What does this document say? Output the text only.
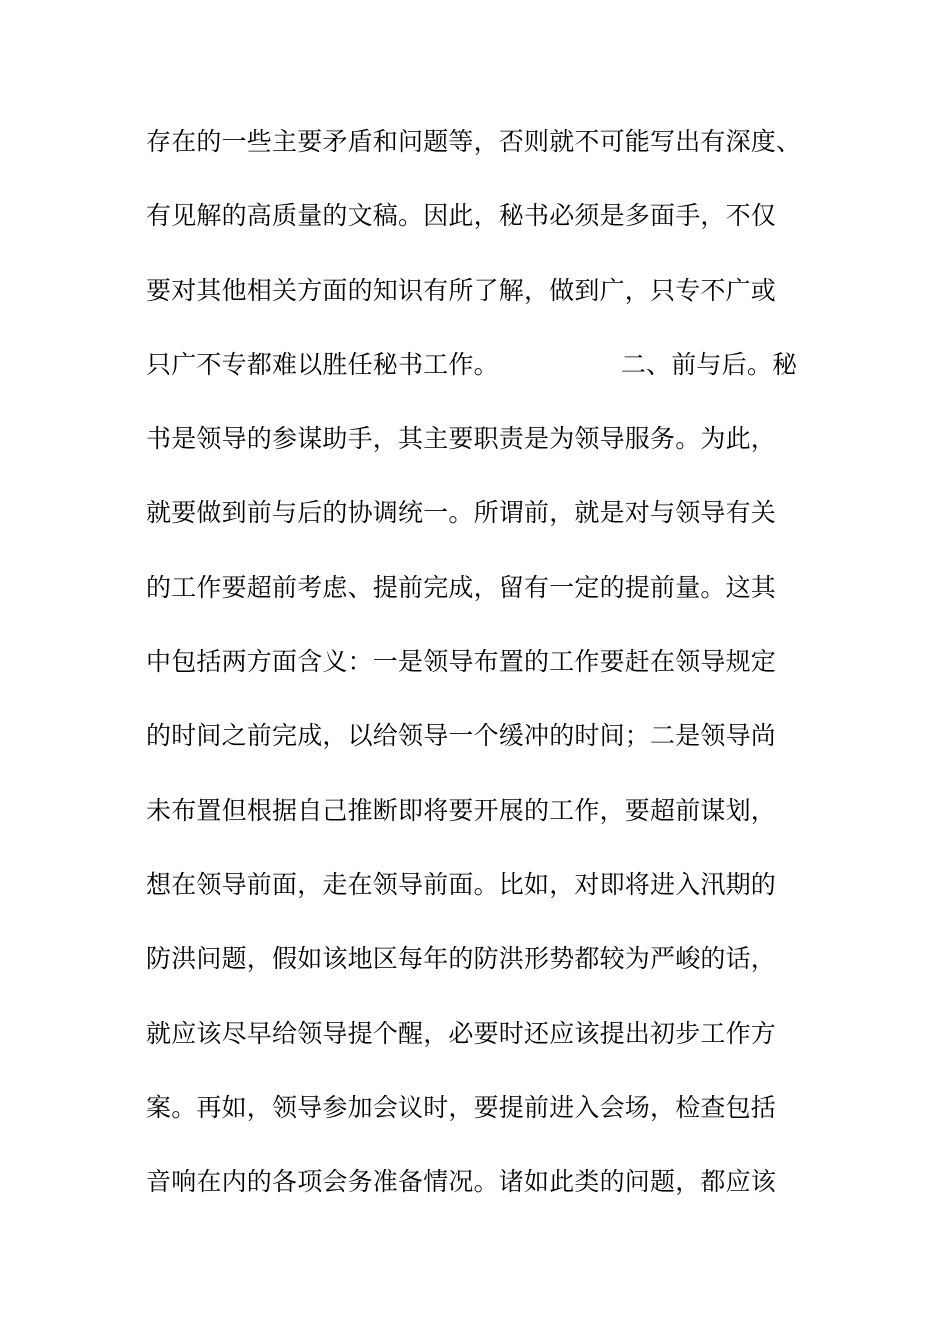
存在的一些主要矛盾和问题等，否则就不可能写出有深度、
有见解的高质量的文稿。因此，秘书必须是多面手，不仅
要对其他相关方面的知识有所了解，做到广，只专不广或
只广不专都难以胜任秘书工作。	二、前与后。秘
书是领导的参谋助手，其主要职责是为领导服务。为此，
就要做到前与后的协调统一。所谓前，就是对与领导有关
的工作要超前考虑、提前完成，留有一定的提前量。这其
中包括两方面含义：一是领导布置的工作要赶在领导规定
的时间之前完成，以给领导一个缓冲的时间；二是领导尚
未布置但根据自己推断即将要开展的工作，要超前谋划，
想在领导前面，走在领导前面。比如，对即将进入汛期的
防洪问题，假如该地区每年的防洪形势都较为严峻的话，
就应该尽早给领导提个醒，必要时还应该提出初步工作方
案。再如，领导参加会议时，要提前进入会场，检查包括
音响在内的各项会务准备情况。诸如此类的问题，都应该
